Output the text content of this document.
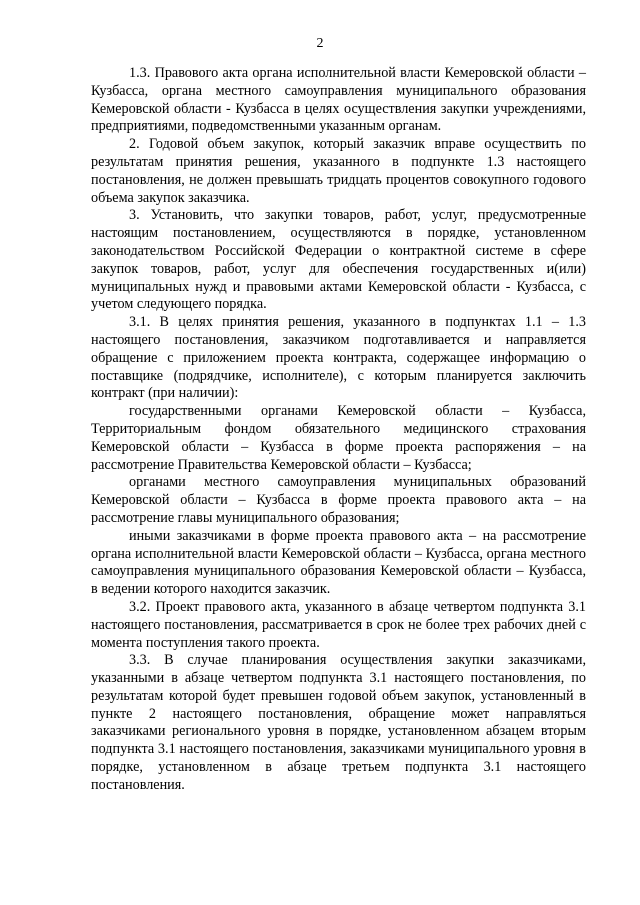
2

1.3. Правового акта органа исполнительной власти Кемеровской области – Кузбасса, органа местного самоуправления муниципального образования Кемеровской области - Кузбасса в целях осуществления закупки учреждениями, предприятиями, подведомственными указанным органам.

2. Годовой объем закупок, который заказчик вправе осуществить по результатам принятия решения, указанного в подпункте 1.3 настоящего постановления, не должен превышать тридцать процентов совокупного годового объема закупок заказчика.

3. Установить, что закупки товаров, работ, услуг, предусмотренные настоящим постановлением, осуществляются в порядке, установленном законодательством Российской Федерации о контрактной системе в сфере закупок товаров, работ, услуг для обеспечения государственных и(или) муниципальных нужд и правовыми актами Кемеровской области - Кузбасса, с учетом следующего порядка.

3.1. В целях принятия решения, указанного в подпунктах 1.1 – 1.3 настоящего постановления, заказчиком подготавливается и направляется обращение с приложением проекта контракта, содержащее информацию о поставщике (подрядчике, исполнителе), с которым планируется заключить контракт (при наличии):

государственными органами Кемеровской области – Кузбасса, Территориальным фондом обязательного медицинского страхования Кемеровской области – Кузбасса в форме проекта распоряжения – на рассмотрение Правительства Кемеровской области – Кузбасса;

органами местного самоуправления муниципальных образований Кемеровской области – Кузбасса в форме проекта правового акта – на рассмотрение главы муниципального образования;

иными заказчиками в форме проекта правового акта – на рассмотрение органа исполнительной власти Кемеровской области – Кузбасса, органа местного самоуправления муниципального образования Кемеровской области – Кузбасса, в ведении которого находится заказчик.

3.2. Проект правового акта, указанного в абзаце четвертом подпункта 3.1 настоящего постановления, рассматривается в срок не более трех рабочих дней с момента поступления такого проекта.

3.3. В случае планирования осуществления закупки заказчиками, указанными в абзаце четвертом подпункта 3.1 настоящего постановления, по результатам которой будет превышен годовой объем закупок, установленный в пункте 2 настоящего постановления, обращение может направляться заказчиками регионального уровня в порядке, установленном абзацем вторым подпункта 3.1 настоящего постановления, заказчиками муниципального уровня в порядке, установленном в абзаце третьем подпункта 3.1 настоящего постановления.
